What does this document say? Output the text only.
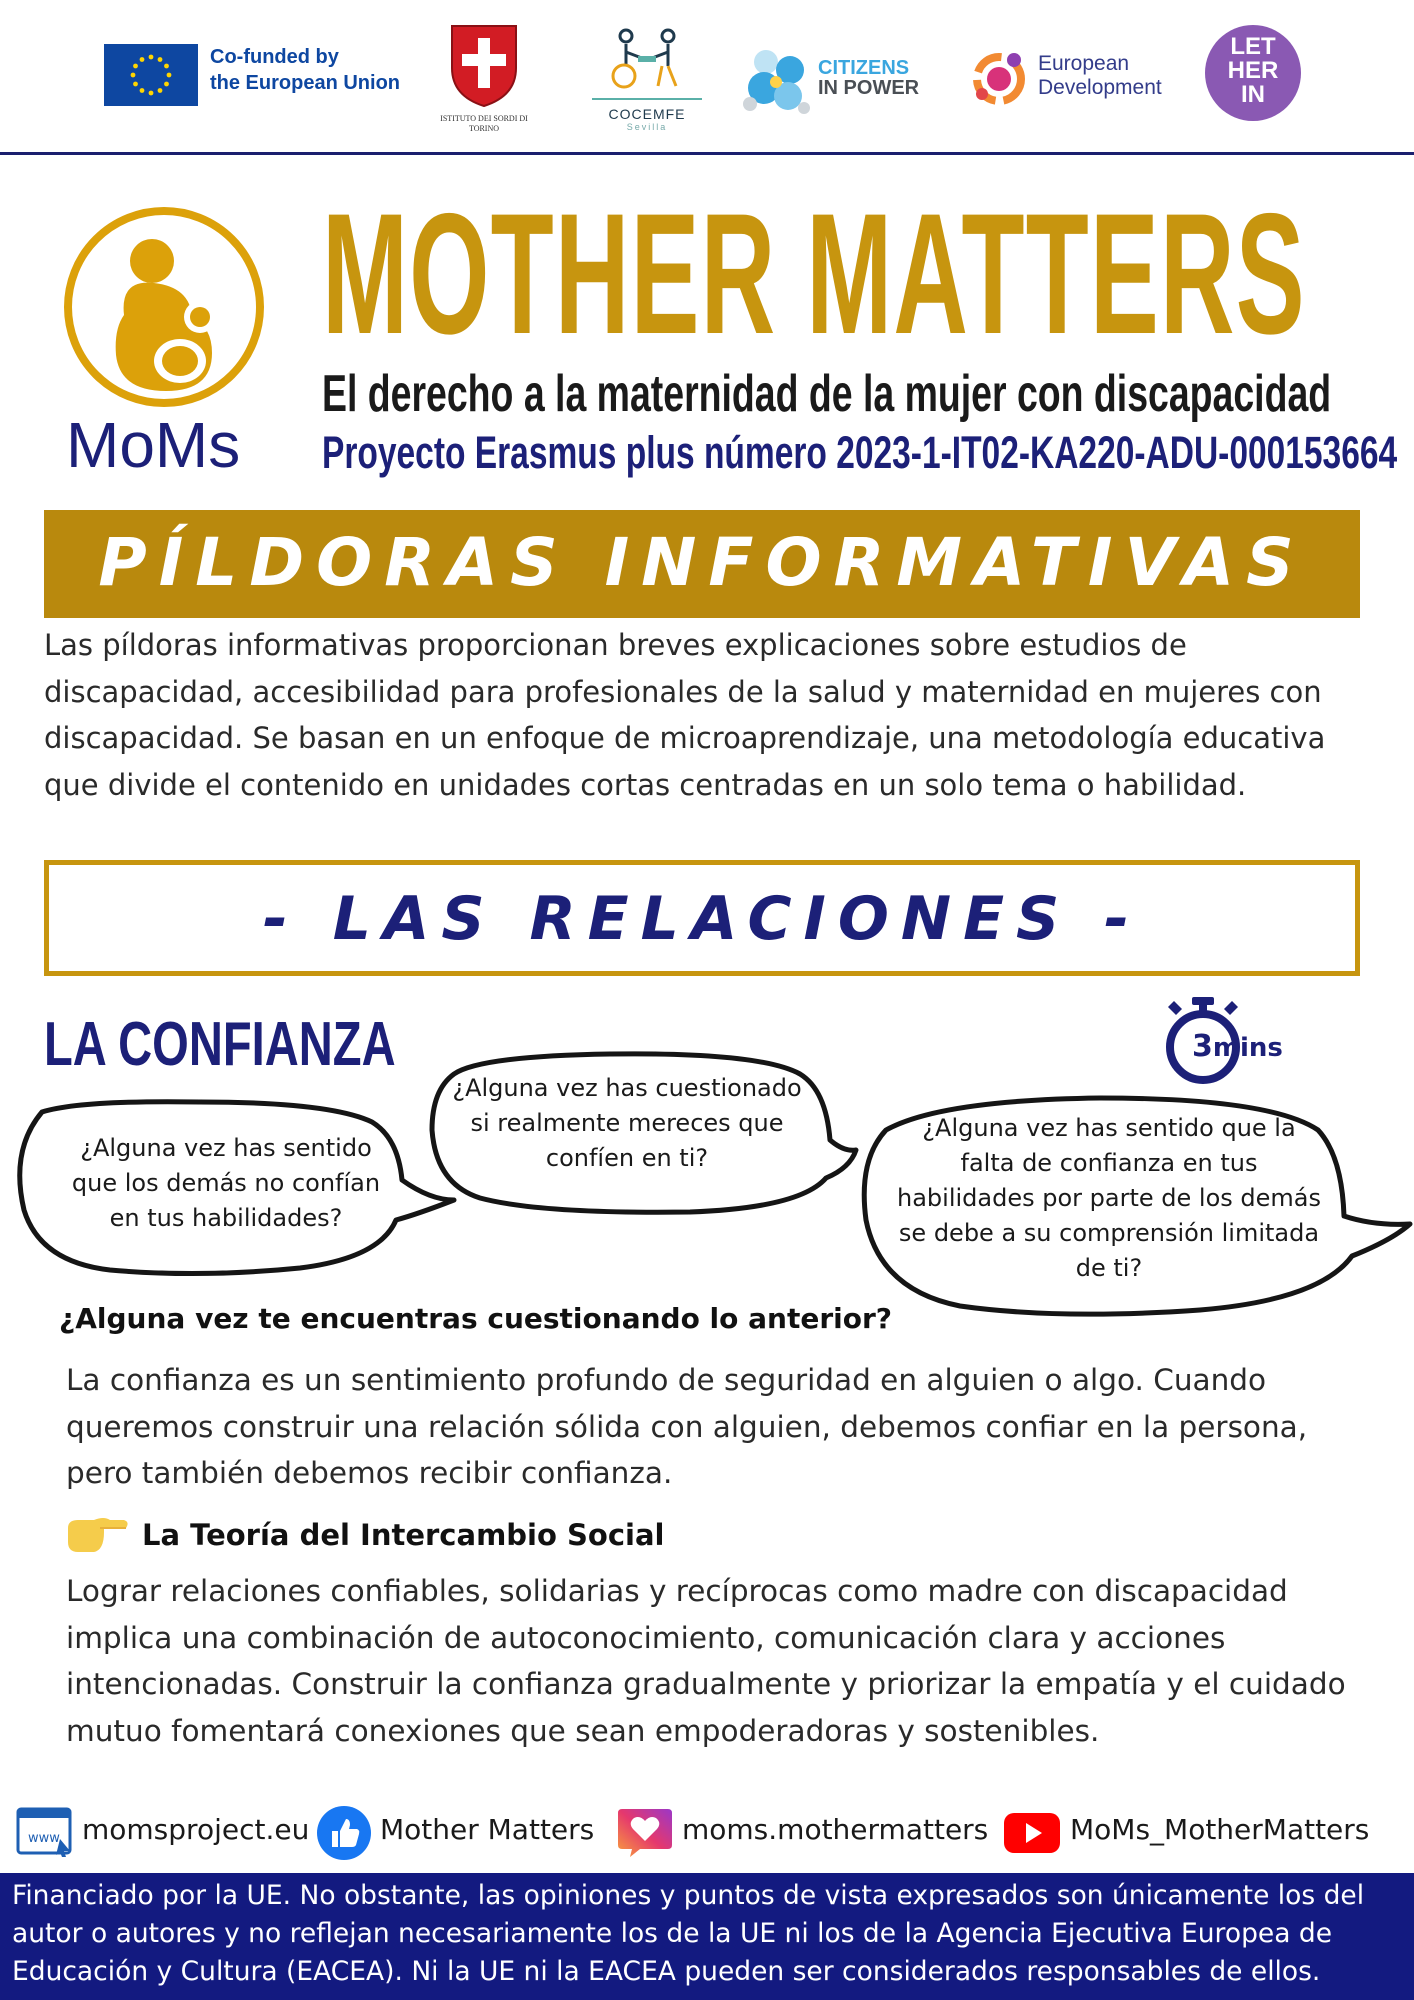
Co-funded by
the European Union
ISTITUTO DEI SORDI DI TORINO
COCEMFE
Sevilla
CITIZENS
IN POWER
European
Development
LET
HER
IN
MoMs
MOTHER MATTERS
El derecho a la maternidad de la mujer con discapacidad
Proyecto Erasmus plus número 2023-1-IT02-KA220-ADU-000153664
PÍLDORAS INFORMATIVAS
Las píldoras informativas proporcionan breves explicaciones sobre estudios de discapacidad, accesibilidad para profesionales de la salud y maternidad en mujeres con discapacidad. Se basan en un enfoque de microaprendizaje, una metodología educativa que divide el contenido en unidades cortas centradas en un solo tema o habilidad.
- LAS RELACIONES -
LA CONFIANZA	3mins
¿Alguna vez has sentido que los demás no confían en tus habilidades?
¿Alguna vez has cuestionado si realmente mereces que confíen en ti?
¿Alguna vez has sentido que la falta de confianza en tus habilidades por parte de los demás se debe a su comprensión limitada de ti?
¿Alguna vez te encuentras cuestionando lo anterior?
La confianza es un sentimiento profundo de seguridad en alguien o algo. Cuando queremos construir una relación sólida con alguien, debemos confiar en la persona, pero también debemos recibir confianza.
La Teoría del Intercambio Social
Lograr relaciones confiables, solidarias y recíprocas como madre con discapacidad implica una combinación de autoconocimiento, comunicación clara y acciones intencionadas. Construir la confianza gradualmente y priorizar la empatía y el cuidado mutuo fomentará conexiones que sean empoderadoras y sostenibles.
www momsproject.eu	Mother Matters	moms.mothermatters	MoMs_MotherMatters
Financiado por la UE. No obstante, las opiniones y puntos de vista expresados son únicamente los del autor o autores y no reflejan necesariamente los de la UE ni los de la Agencia Ejecutiva Europea de Educación y Cultura (EACEA). Ni la UE ni la EACEA pueden ser considerados responsables de ellos.
